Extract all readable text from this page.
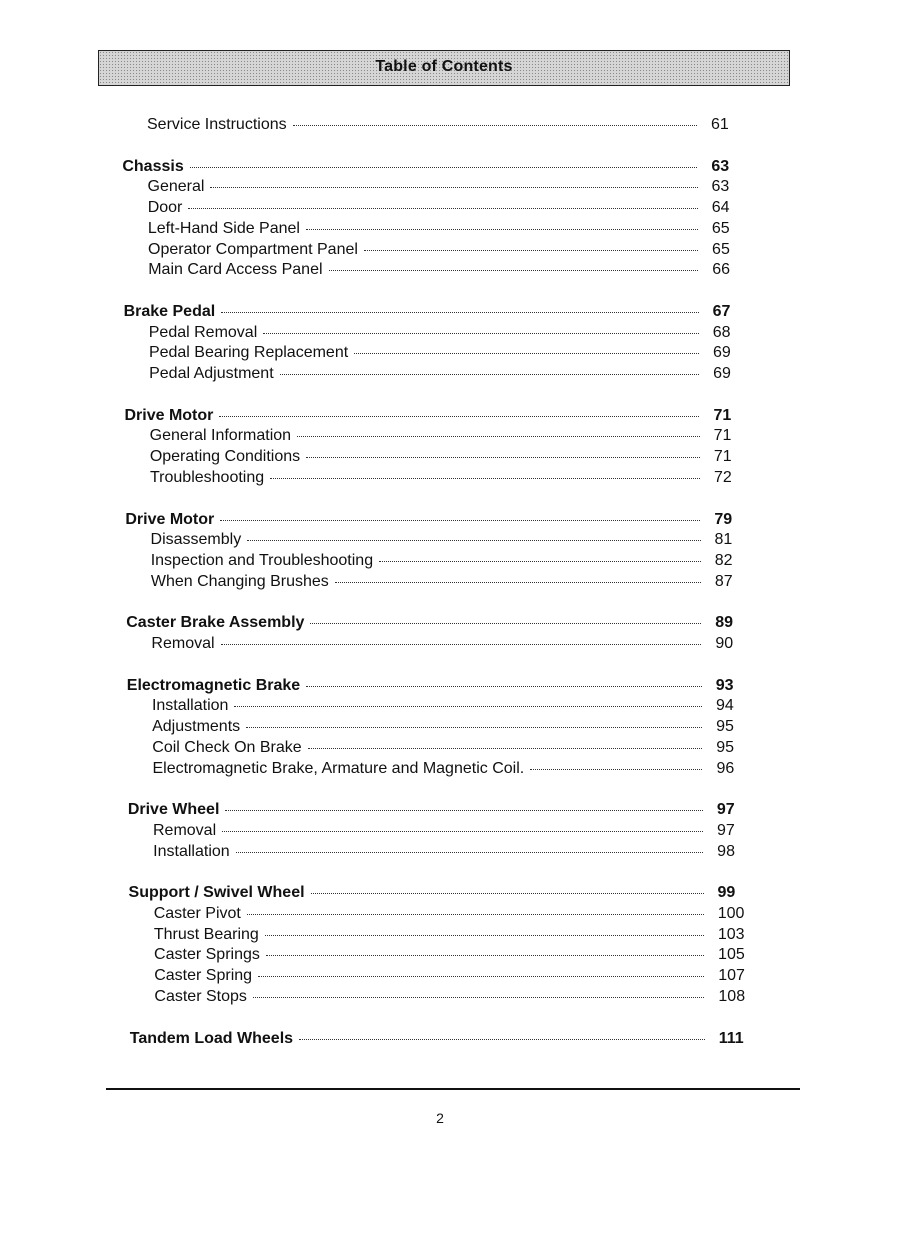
Table of Contents
Service Instructions	61
Chassis	63
General	63
Door	64
Left-Hand Side Panel	65
Operator Compartment Panel	65
Main Card Access Panel	66
Brake Pedal	67
Pedal Removal	68
Pedal Bearing Replacement	69
Pedal Adjustment	69
Drive Motor	71
General Information	71
Operating Conditions	71
Troubleshooting	72
Drive Motor	79
Disassembly	81
Inspection and Troubleshooting	82
When Changing Brushes	87
Caster Brake Assembly	89
Removal	90
Electromagnetic Brake	93
Installation	94
Adjustments	95
Coil Check On Brake	95
Electromagnetic Brake, Armature and Magnetic Coil.	96
Drive Wheel	97
Removal	97
Installation	98
Support / Swivel Wheel	99
Caster Pivot	100
Thrust Bearing	103
Caster Springs	105
Caster Spring	107
Caster Stops	108
Tandem Load Wheels	111
2
